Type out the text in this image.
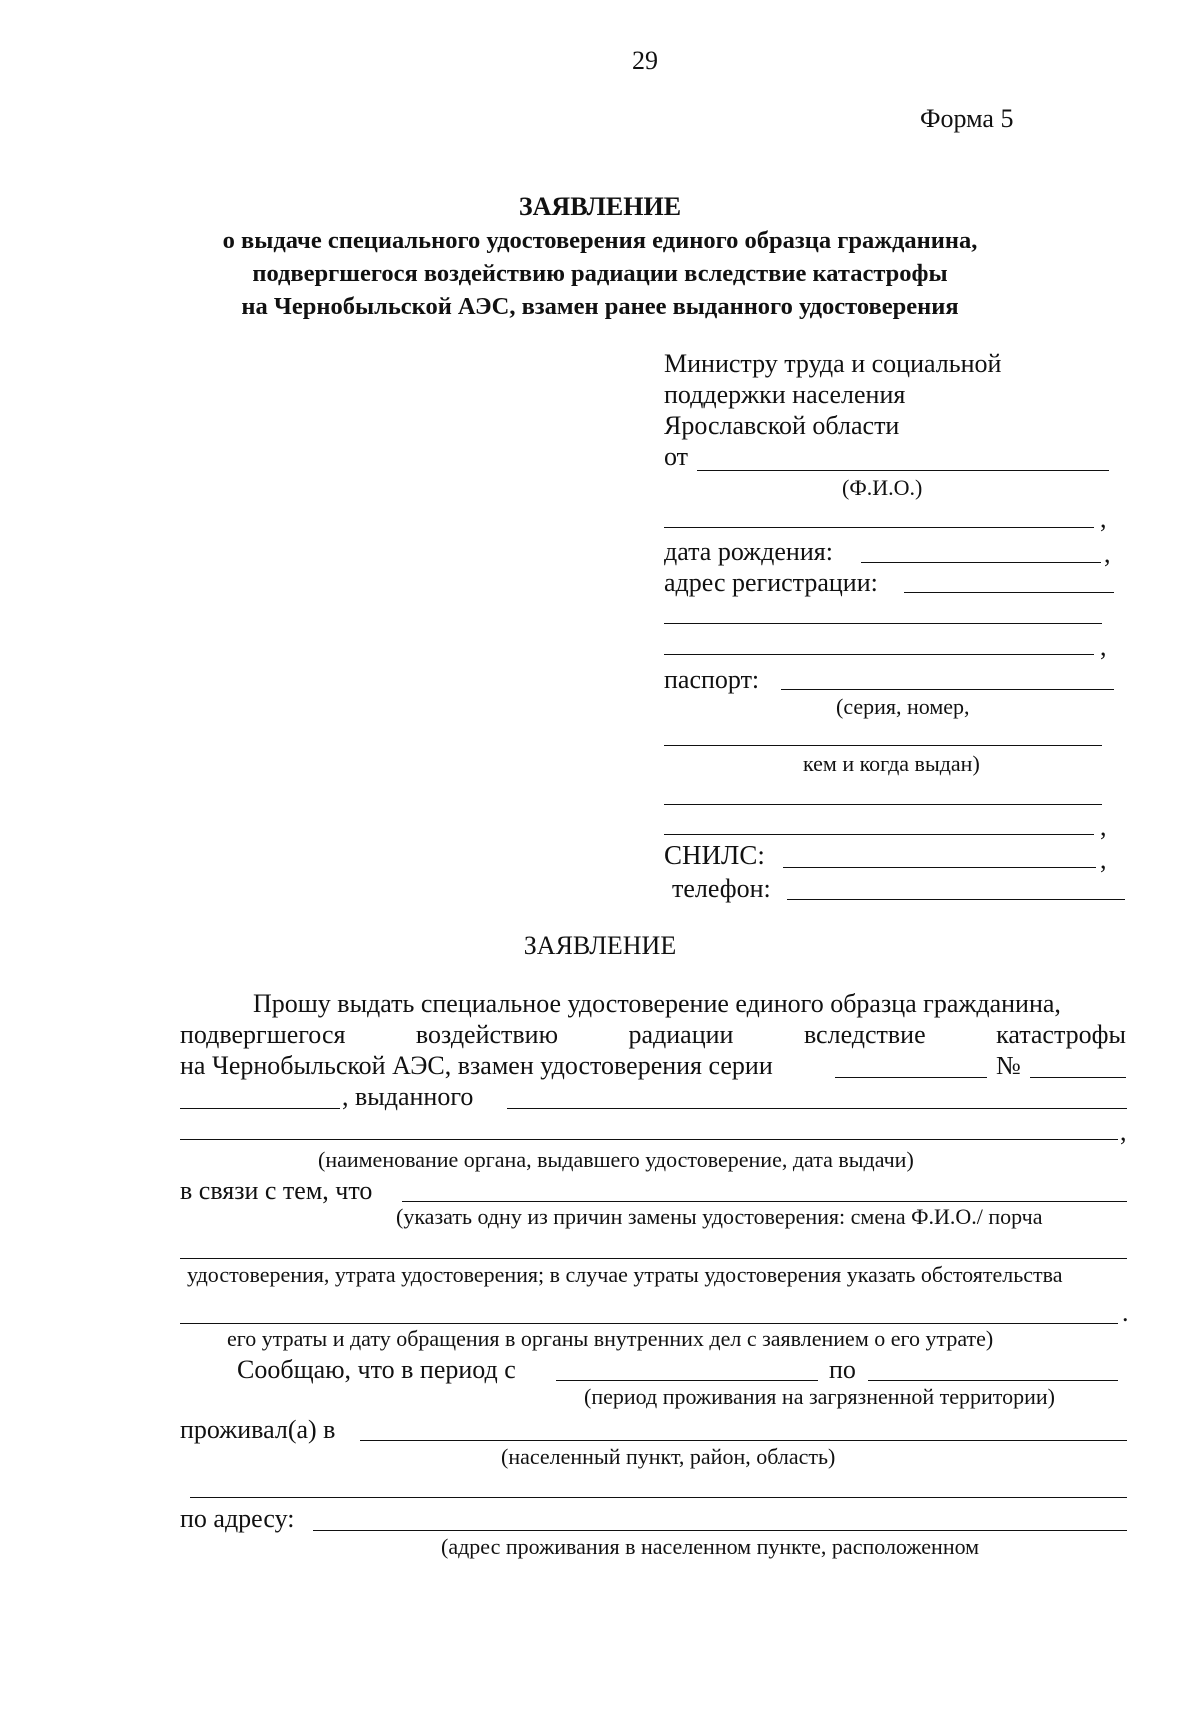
29
Форма 5
ЗАЯВЛЕНИЕ
о выдаче специального удостоверения единого образца гражданина,
подвергшегося воздействию радиации вследствие катастрофы
на Чернобыльской АЭС, взамен ранее выданного удостоверения
Министру труда и социальной
поддержки населения
Ярославской области
от
(Ф.И.О.)
,
дата рождения:	,
адрес регистрации:
,
паспорт:
(серия, номер,
кем и когда выдан)
,
СНИЛС:	,
телефон:
ЗАЯВЛЕНИЕ
Прошу выдать специальное удостоверение единого образца гражданина,
подвергшегося	воздействию	радиации	вследствие	катастрофы
на Чернобыльской АЭС, взамен удостоверения серии	№
, выданного
,
(наименование органа, выдавшего удостоверение, дата выдачи)
в связи с тем, что
(указать одну из причин замены удостоверения: смена Ф.И.О./ порча
удостоверения, утрата удостоверения; в случае утраты удостоверения указать обстоятельства
.
его утраты и дату обращения в органы внутренних дел с заявлением о его утрате)
Сообщаю, что в период с	по
(период проживания на загрязненной территории)
проживал(а) в
(населенный пункт, район, область)
по адресу:
(адрес проживания в населенном пункте, расположенном
